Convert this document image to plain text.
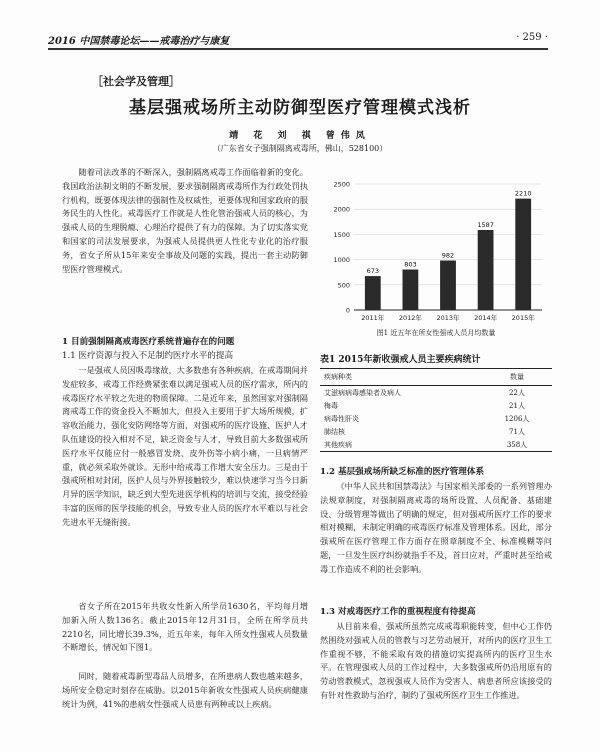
2016 中国禁毒论坛——戒毒治疗与康复	· 259 ·
［社会学及管理］
基层强戒场所主动防御型医疗管理模式浅析
靖 花 刘 祺 曾伟凤
（广东省女子强制隔离戒毒所，佛山，528100）

随着司法改革的不断深入，强制隔离戒毒工作面临着新的变化。我国政治法制文明的不断发展，要求强制隔离戒毒所作为行政处罚执行机构，既要体现法律的强制性及权威性，更要体现和国家政府的服务民生的人性化。戒毒医疗工作就是人性化管治强戒人员的核心，为强戒人员的生理脱瘾、心理治疗提供了有力的保障。为了切实落实党和国家的司法发展要求，为强戒人员提供更人性化专业化的治疗服务，省女子所从15年来安全事故及问题的实践，提出一套主动防御型医疗管理模式。

1 目前强制隔离戒毒医疗系统普遍存在的问题
1.1 医疗资源与投入不足制约医疗水平的提高

一是强戒人员因吸毒缘故，大多数患有各种疾病，在戒毒期间并发症较多，戒毒工作经费紧张难以满足强戒人员的医疗需求，所内的戒毒医疗水平较之先进的物质保障。二是近年来，虽然国家对强制隔离戒毒工作的资金投入不断加大，但投入主要用于扩大场所规模，扩容收治能力，强化安防网络等方面，对强戒所的医疗设施、医护人才队伍建设的投入相对不足，缺乏资金与人才，导致目前大多数强戒所医疗水平仅能应付一般感冒发烧、皮外伤等小病小痛，一旦病情严重，就必须采取外就诊。无形中给戒毒工作增大安全压力。三是由于强戒所相对封闭，医护人员与外界接触较少，难以快速学习当今日新月异的医学知识，缺乏到大型先进医学机构的培训与交流，接受经验丰富的医师的医学技能的机会，导致专业人员的医疗水平难以与社会先进水平无缝衔接。

省女子所在2015年共收女性新入所学员1630名，平均每月增加新入所人数136名。截止2015年12月31日，全所在所学员共2210名，同比增长39.3%，近五年来，每年入所女性强戒人员数量不断增长，情况如下图1。

同时，随着戒毒新型毒品人员增多，在所患病人数也越来越多，场所安全稳定时刻存在威胁。以2015年新收女性强戒人员疾病健康统计为例，41%的患病女性强戒人员患有两种或以上疾病。

0
500
1000
1500
2000
2500
673
2011年
803
2012年
982
2013年
1587
2014年
2210
2015年
图1 近五年在所女性强戒人员月均数量
表1 2015年新收强戒人员主要疾病统计
疾病种类	数量
艾滋病病毒感染者及病人	22人
梅毒	21人
病毒性肝炎	1206人
肺结核	71人
其他疾病	358人
1.2 基层强戒场所缺乏标准的医疗管理体系

《中华人民共和国禁毒法》与国家相关部委的一系列管理办法规章制度，对强制隔离戒毒的场所设置、人员配备、基础建设、分级管理等做出了明确的规定，但对强戒所医疗工作的要求相对模糊，未制定明确的戒毒医疗标准及管理体系。因此，部分强戒所在医疗管理工作方面存在照章制度不全、标准模糊等问题，一旦发生医疗纠纷就指手不及，首日应对，严重时甚至给戒毒工作造成不利的社会影响。

1.3 对戒毒医疗工作的重视程度有待提高

从目前来看，强戒所虽然完成戒毒职能转变，但中心工作仍然围绕对强戒人员的管教与习艺劳动展开，对所内的医疗卫生工作重视不够，不能采取有效的措施切实提高所内的医疗卫生水平。在管理强戒人员的工作过程中，大多数强戒所仍沿用原有的劳动管教模式，忽视强戒人员作为受害人、病患者所应该接受的有针对性救助与治疗，制约了强戒所医疗卫生工作推进。
